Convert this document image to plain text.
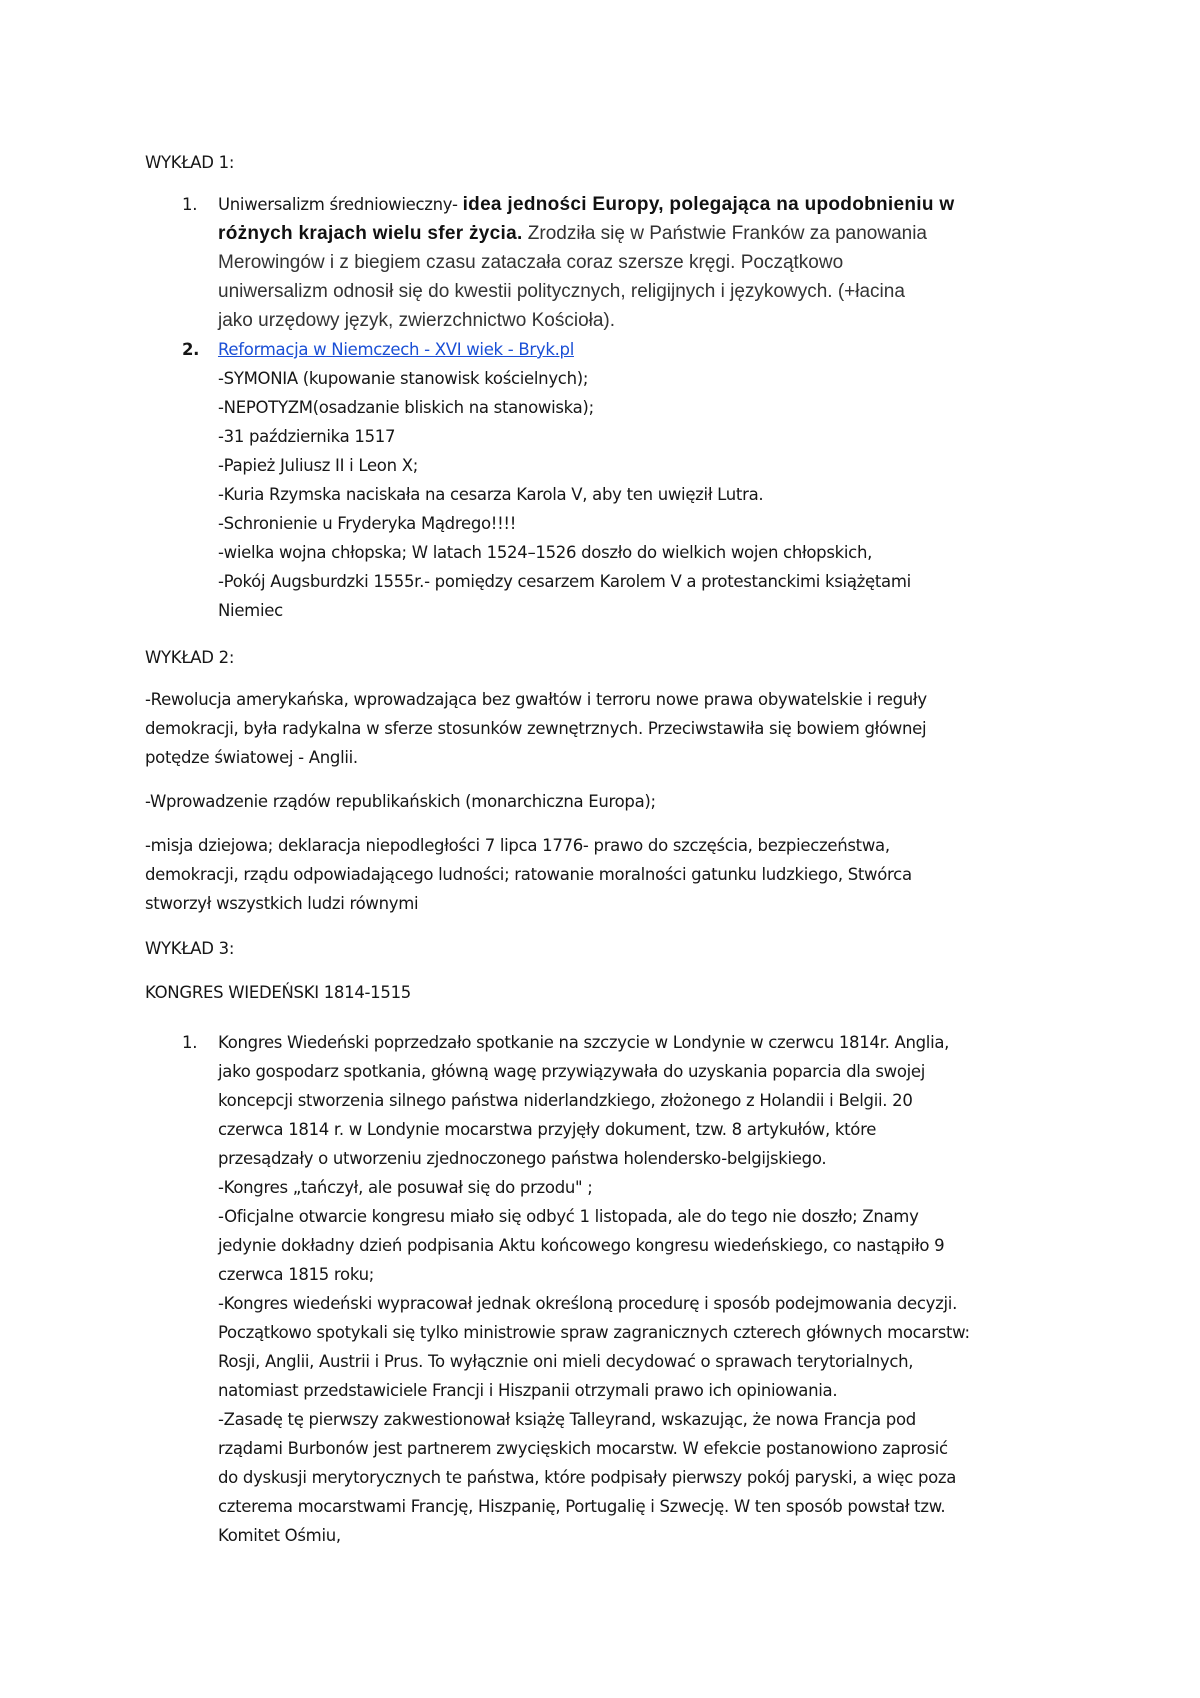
WYKŁAD 1:
1. Uniwersalizm średniowieczny- idea jedności Europy, polegająca na upodobnieniu w
różnych krajach wielu sfer życia. Zrodziła się w Państwie Franków za panowania
Merowingów i z biegiem czasu zataczała coraz szersze kręgi. Początkowo
uniwersalizm odnosił się do kwestii politycznych, religijnych i językowych. (+łacina
jako urzędowy język, zwierzchnictwo Kościoła).
2. Reformacja w Niemczech - XVI wiek - Bryk.pl
-SYMONIA (kupowanie stanowisk kościelnych);
-NEPOTYZM(osadzanie bliskich na stanowiska);
-31 października 1517
-Papież Juliusz II i Leon X;
-Kuria Rzymska naciskała na cesarza Karola V, aby ten uwięził Lutra.
-Schronienie u Fryderyka Mądrego!!!!
-wielka wojna chłopska; W latach 1524–1526 doszło do wielkich wojen chłopskich,
-Pokój Augsburdzki 1555r.- pomiędzy cesarzem Karolem V a protestanckimi książętami
Niemiec
WYKŁAD 2:

-Rewolucja amerykańska, wprowadzająca bez gwałtów i terroru nowe prawa obywatelskie i reguły
demokracji, była radykalna w sferze stosunków zewnętrznych. Przeciwstawiła się bowiem głównej
potędze światowej - Anglii.

-Wprowadzenie rządów republikańskich (monarchiczna Europa);

-misja dziejowa; deklaracja niepodległości 7 lipca 1776- prawo do szczęścia, bezpieczeństwa,
demokracji, rządu odpowiadającego ludności; ratowanie moralności gatunku ludzkiego, Stwórca
stworzył wszystkich ludzi równymi

WYKŁAD 3:
KONGRES WIEDEŃSKI 1814-1515
1. Kongres Wiedeński poprzedzało spotkanie na szczycie w Londynie w czerwcu 1814r. Anglia,
jako gospodarz spotkania, główną wagę przywiązywała do uzyskania poparcia dla swojej
koncepcji stworzenia silnego państwa niderlandzkiego, złożonego z Holandii i Belgii. 20
czerwca 1814 r. w Londynie mocarstwa przyjęły dokument, tzw. 8 artykułów, które
przesądzały o utworzeniu zjednoczonego państwa holendersko-belgijskiego.
-Kongres „tańczył, ale posuwał się do przodu" ;
-Oficjalne otwarcie kongresu miało się odbyć 1 listopada, ale do tego nie doszło; Znamy
jedynie dokładny dzień podpisania Aktu końcowego kongresu wiedeńskiego, co nastąpiło 9
czerwca 1815 roku;
-Kongres wiedeński wypracował jednak określoną procedurę i sposób podejmowania decyzji.
Początkowo spotykali się tylko ministrowie spraw zagranicznych czterech głównych mocarstw:
Rosji, Anglii, Austrii i Prus. To wyłącznie oni mieli decydować o sprawach terytorialnych,
natomiast przedstawiciele Francji i Hiszpanii otrzymali prawo ich opiniowania.
-Zasadę tę pierwszy zakwestionował książę Talleyrand, wskazując, że nowa Francja pod
rządami Burbonów jest partnerem zwycięskich mocarstw. W efekcie postanowiono zaprosić
do dyskusji merytorycznych te państwa, które podpisały pierwszy pokój paryski, a więc poza
czterema mocarstwami Francję, Hiszpanię, Portugalię i Szwecję. W ten sposób powstał tzw.
Komitet Ośmiu,
